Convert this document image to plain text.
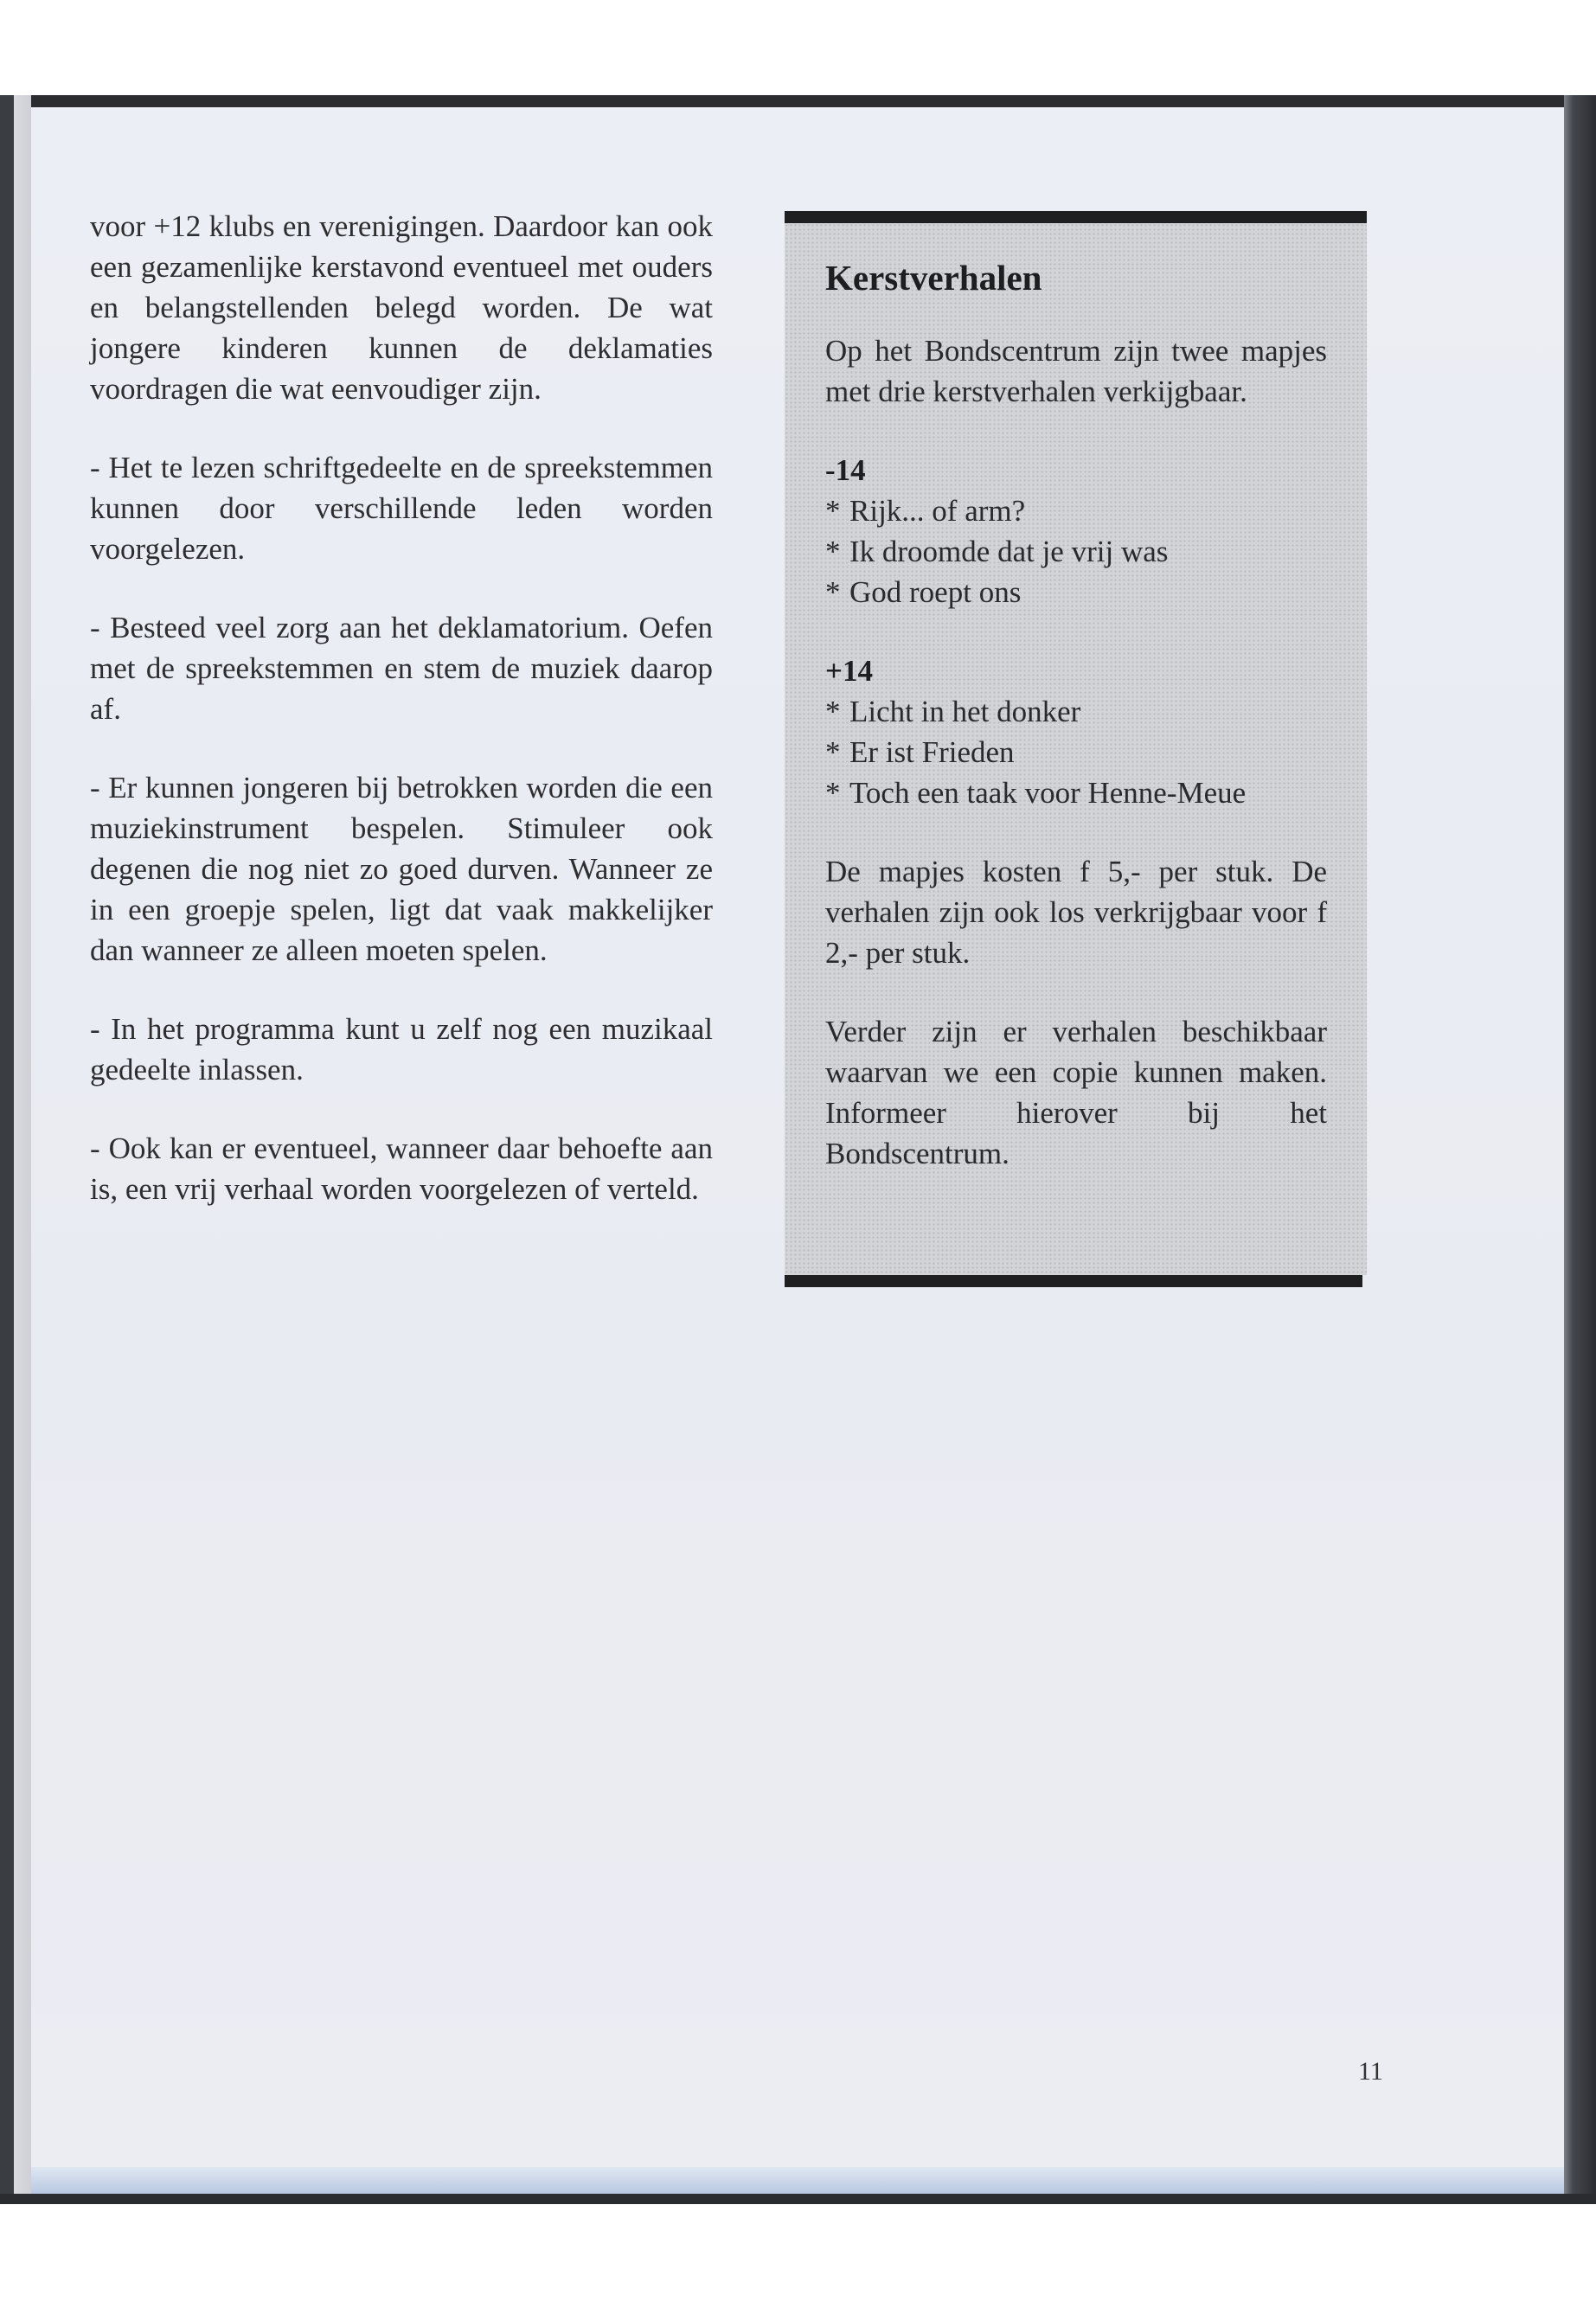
voor +12 klubs en verenigingen. Daardoor kan ook een gezamenlijke kerstavond eventueel met ouders en belangstellenden belegd worden. De wat jongere kinderen kunnen de deklamaties voordragen die wat eenvoudiger zijn.

- Het te lezen schriftgedeelte en de spreekstemmen kunnen door verschillende leden worden voorgelezen.

- Besteed veel zorg aan het deklamatorium. Oefen met de spreekstemmen en stem de muziek daarop af.

- Er kunnen jongeren bij betrokken worden die een muziekinstrument bespelen. Stimuleer ook degenen die nog niet zo goed durven. Wanneer ze in een groepje spelen, ligt dat vaak makkelijker dan wanneer ze alleen moeten spelen.

- In het programma kunt u zelf nog een muzikaal gedeelte inlassen.

- Ook kan er eventueel, wanneer daar behoefte aan is, een vrij verhaal worden voorgelezen of verteld.

Kerstverhalen

Op het Bondscentrum zijn twee mapjes met drie kerstverhalen verkijgbaar.

-14
* Rijk... of arm?
* Ik droomde dat je vrij was
* God roept ons
+14
* Licht in het donker
* Er ist Frieden
* Toch een taak voor Henne-Meue

De mapjes kosten f 5,- per stuk. De verhalen zijn ook los verkrijgbaar voor f 2,- per stuk.

Verder zijn er verhalen beschikbaar waarvan we een copie kunnen maken. Informeer hierover bij het Bondscentrum.

11
